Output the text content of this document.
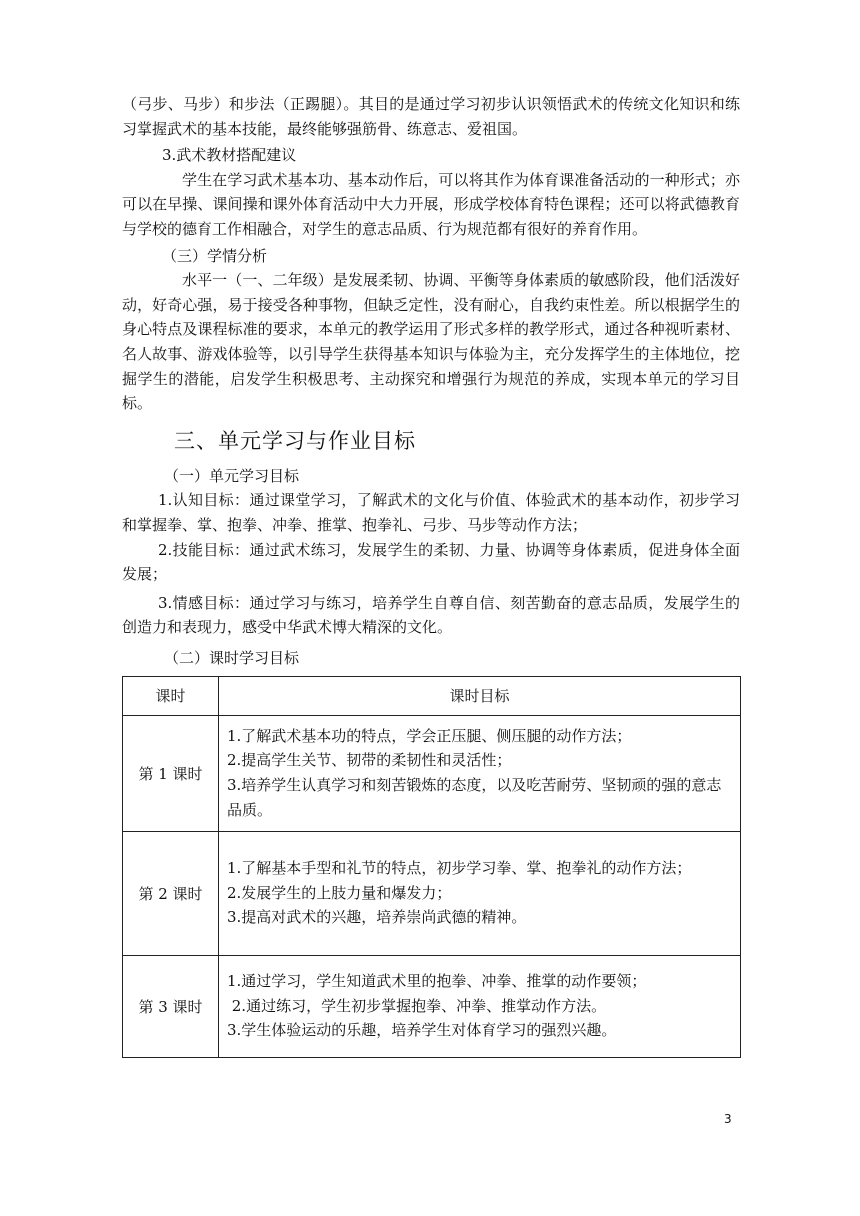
（弓步、马步）和步法（正踢腿）。其目的是通过学习初步认识领悟武术的传统文化知识和练习掌握武术的基本技能，最终能够强筋骨、练意志、爱祖国。

3.武术教材搭配建议

学生在学习武术基本功、基本动作后，可以将其作为体育课准备活动的一种形式；亦可以在早操、课间操和课外体育活动中大力开展，形成学校体育特色课程；还可以将武德教育与学校的德育工作相融合，对学生的意志品质、行为规范都有很好的养育作用。

（三）学情分析

水平一（一、二年级）是发展柔韧、协调、平衡等身体素质的敏感阶段，他们活泼好动，好奇心强，易于接受各种事物，但缺乏定性，没有耐心，自我约束性差。所以根据学生的身心特点及课程标准的要求，本单元的教学运用了形式多样的教学形式，通过各种视听素材、名人故事、游戏体验等，以引导学生获得基本知识与体验为主，充分发挥学生的主体地位，挖掘学生的潜能，启发学生积极思考、主动探究和增强行为规范的养成，实现本单元的学习目标。

三、单元学习与作业目标

（一）单元学习目标

1.认知目标：通过课堂学习，了解武术的文化与价值、体验武术的基本动作，初步学习和掌握拳、掌、抱拳、冲拳、推掌、抱拳礼、弓步、马步等动作方法；

2.技能目标：通过武术练习，发展学生的柔韧、力量、协调等身体素质，促进身体全面发展；

3.情感目标：通过学习与练习，培养学生自尊自信、刻苦勤奋的意志品质，发展学生的创造力和表现力，感受中华武术博大精深的文化。

（二）课时学习目标

课时	课时目标
第 1 课时	1.了解武术基本功的特点，学会正压腿、侧压腿的动作方法；
2.提高学生关节、韧带的柔韧性和灵活性；
3.培养学生认真学习和刻苦锻炼的态度，以及吃苦耐劳、坚韧顽的强的意志品质。

第 2 课时	1.了解基本手型和礼节的特点，初步学习拳、掌、抱拳礼的动作方法；
2.发展学生的上肢力量和爆发力；
3.提高对武术的兴趣，培养崇尚武德的精神。

第 3 课时	1.通过学习，学生知道武术里的抱拳、冲拳、推掌的动作要领；
2.通过练习，学生初步掌握抱拳、冲拳、推掌动作方法。
3.学生体验运动的乐趣，培养学生对体育学习的强烈兴趣。
3
